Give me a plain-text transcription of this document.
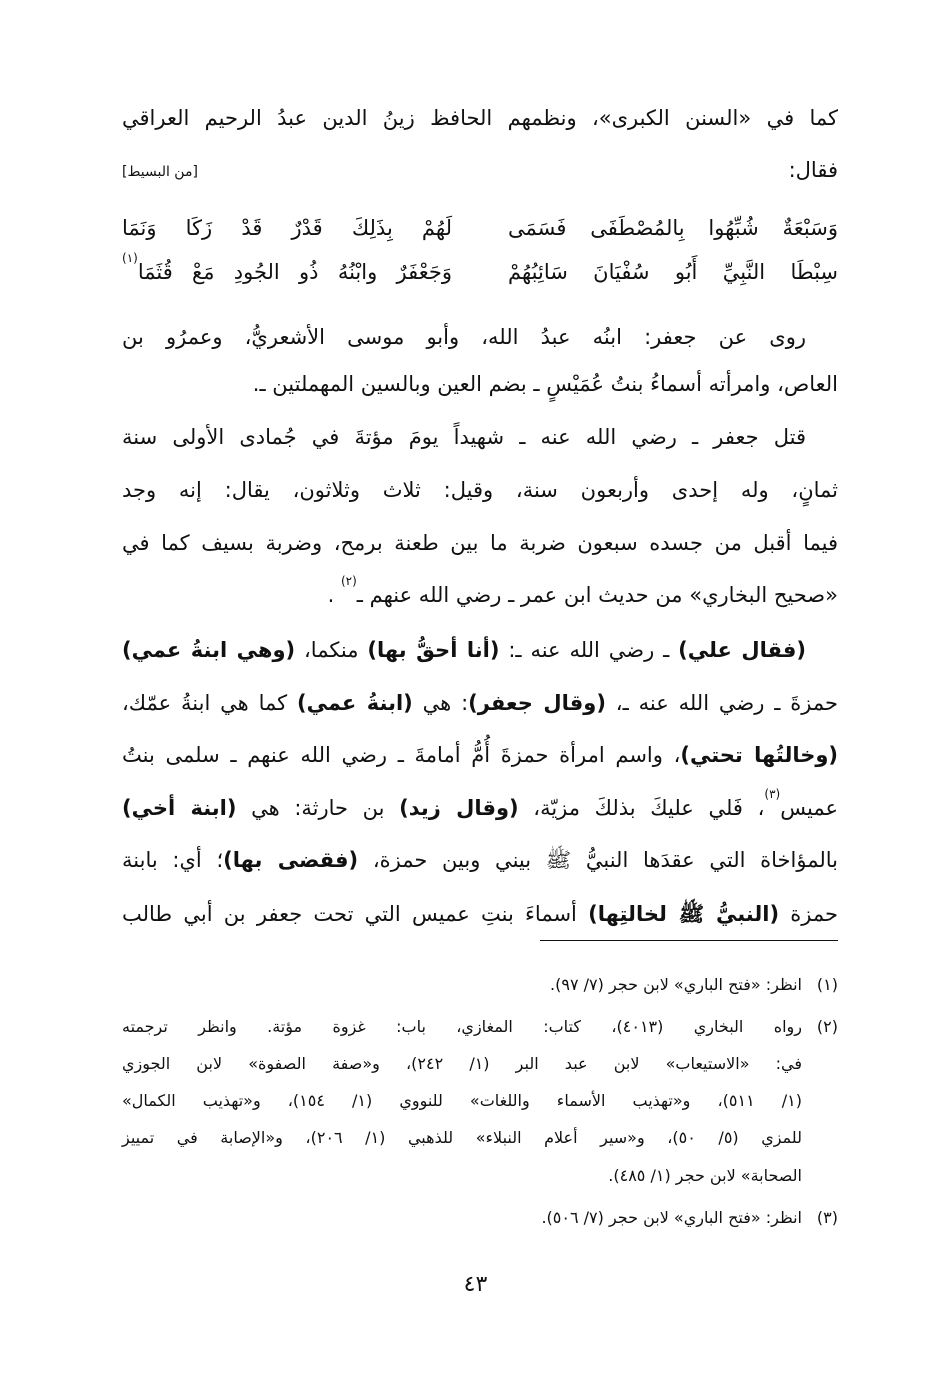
كما في «السنن الكبرى»، ونظمهم الحافظ زينُ الدين عبدُ الرحيم العراقي
فقال:
[من البسيط]
وَسَبْعَةٌ شُبِّهُوا بِالمُصْطَفَى فَسَمَى
لَهُمْ بِذَلِكَ قَدْرٌ قَدْ زَكَا وَنَمَا
سِبْطَا النَّبِيِّ أَبُو سُفْيَانَ سَائِبُهُمْ
وَجَعْفَرٌ وابْنُهُ ذُو الجُودِ مَعْ قُثَمَا$^{(١)}$
روى عن جعفر: ابنُه عبدُ الله، وأبو موسى الأشعريُّ، وعمرُو بن
العاص، وامرأته أسماءُ بنتُ عُمَيْسٍ ـ بضم العين وبالسين المهملتين ـ.
قتل جعفر ـ رضي الله عنه ـ شهيداً يومَ مؤتةَ في جُمادى الأولى سنة
ثمانٍ، وله إحدى وأربعون سنة، وقيل: ثلاث وثلاثون، يقال: إنه وجد
فيما أقبل من جسده سبعون ضربة ما بين طعنة برمح، وضربة بسيف كما في
«صحيح البخاري» من حديث ابن عمر ـ رضي الله عنهم ـ$^{(٢)}$ .
(فقال علي) ـ رضي الله عنه ـ: (أنا أحقُّ بها) منكما، (وهي ابنةُ عمي)
حمزةَ ـ رضي الله عنه ـ، (وقال جعفر): هي (ابنةُ عمي) كما هي ابنةُ عمّك،
(وخالتُها تحتي)، واسم امرأة حمزةَ أُمُّ أمامةَ ـ رضي الله عنهم ـ سلمى بنتُ
عميس$^{(٣)}$، فَلي عليكَ بذلكَ مزيّة، (وقال زيد) بن حارثة: هي (ابنة أخي)
بالمؤاخاة التي عقدَها النبيُّ ﷺ بيني وبين حمزة، (فقضى بها)؛ أي: بابنة
حمزة (النبيُّ ﷺ لخالتِها) أسماءَ بنتِ عميس التي تحت جعفر بن أبي طالب
(١)
انظر: «فتح الباري» لابن حجر (٧/ ٩٧).
(٢)
رواه البخاري (٤٠١٣)، كتاب: المغازي، باب: غزوة مؤتة. وانظر ترجمته
في: «الاستيعاب» لابن عبد البر (١/ ٢٤٢)، و«صفة الصفوة» لابن الجوزي
(١/ ٥١١)، و«تهذيب الأسماء واللغات» للنووي (١/ ١٥٤)، و«تهذيب الكمال»
للمزي (٥/ ٥٠)، و«سير أعلام النبلاء» للذهبي (١/ ٢٠٦)، و«الإصابة في تمييز
الصحابة» لابن حجر (١/ ٤٨٥).
(٣)
انظر: «فتح الباري» لابن حجر (٧/ ٥٠٦).
٤٣
